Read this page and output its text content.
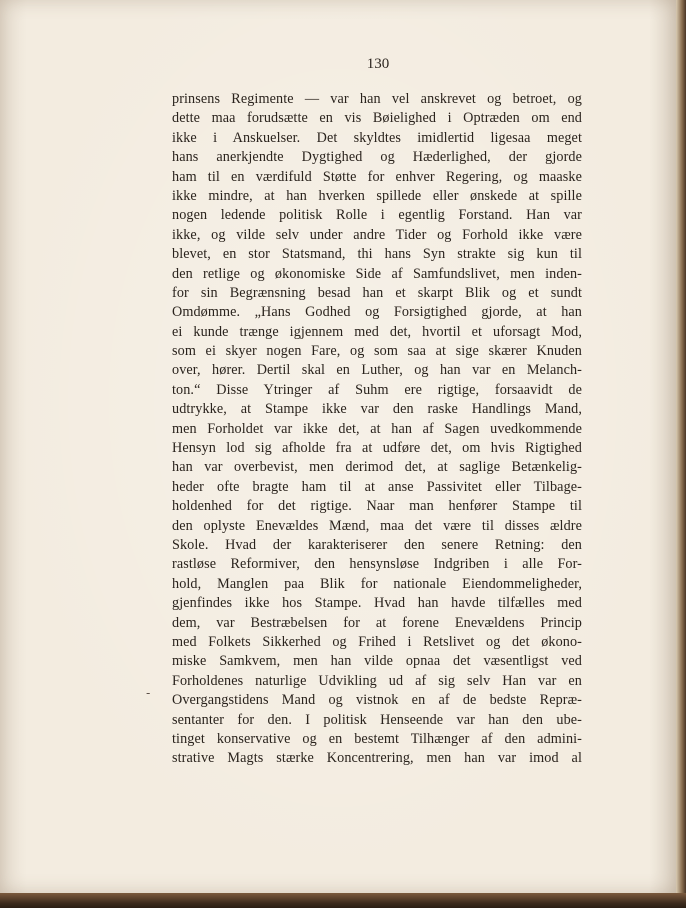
130

-
prinsens Regimente — var han vel anskrevet og betroet, og
dette maa forudsætte en vis Bøielighed i Optræden om end
ikke i Anskuelser. Det skyldtes imidlertid ligesaa meget
hans anerkjendte Dygtighed og Hæderlighed, der gjorde
ham til en værdifuld Støtte for enhver Regering, og maaske
ikke mindre, at han hverken spillede eller ønskede at spille
nogen ledende politisk Rolle i egentlig Forstand. Han var
ikke, og vilde selv under andre Tider og Forhold ikke være
blevet, en stor Statsmand, thi hans Syn strakte sig kun til
den retlige og økonomiske Side af Samfundslivet, men inden-
for sin Begrænsning besad han et skarpt Blik og et sundt
Omdømme. „Hans Godhed og Forsigtighed gjorde, at han
ei kunde trænge igjennem med det, hvortil et uforsagt Mod,
som ei skyer nogen Fare, og som saa at sige skærer Knuden
over, hører. Dertil skal en Luther, og han var en Melanch-
ton.“ Disse Ytringer af Suhm ere rigtige, forsaavidt de
udtrykke, at Stampe ikke var den raske Handlings Mand,
men Forholdet var ikke det, at han af Sagen uvedkommende
Hensyn lod sig afholde fra at udføre det, om hvis Rigtighed
han var overbevist, men derimod det, at saglige Betænkelig-
heder ofte bragte ham til at anse Passivitet eller Tilbage-
holdenhed for det rigtige. Naar man henfører Stampe til
den oplyste Enevældes Mænd, maa det være til disses ældre
Skole. Hvad der karakteriserer den senere Retning: den
rastløse Reformiver, den hensynsløse Indgriben i alle For-
hold, Manglen paa Blik for nationale Eiendommeligheder,
gjenfindes ikke hos Stampe. Hvad han havde tilfælles med
dem, var Bestræbelsen for at forene Enevældens Princip
med Folkets Sikkerhed og Frihed i Retslivet og det økono-
miske Samkvem, men han vilde opnaa det væsentligst ved
Forholdenes naturlige Udvikling ud af sig selv Han var en
Overgangstidens Mand og vistnok en af de bedste Repræ-
sentanter for den. I politisk Henseende var han den ube-
tinget konservative og en bestemt Tilhænger af den admini-
strative Magts stærke Koncentrering, men han var imod al
